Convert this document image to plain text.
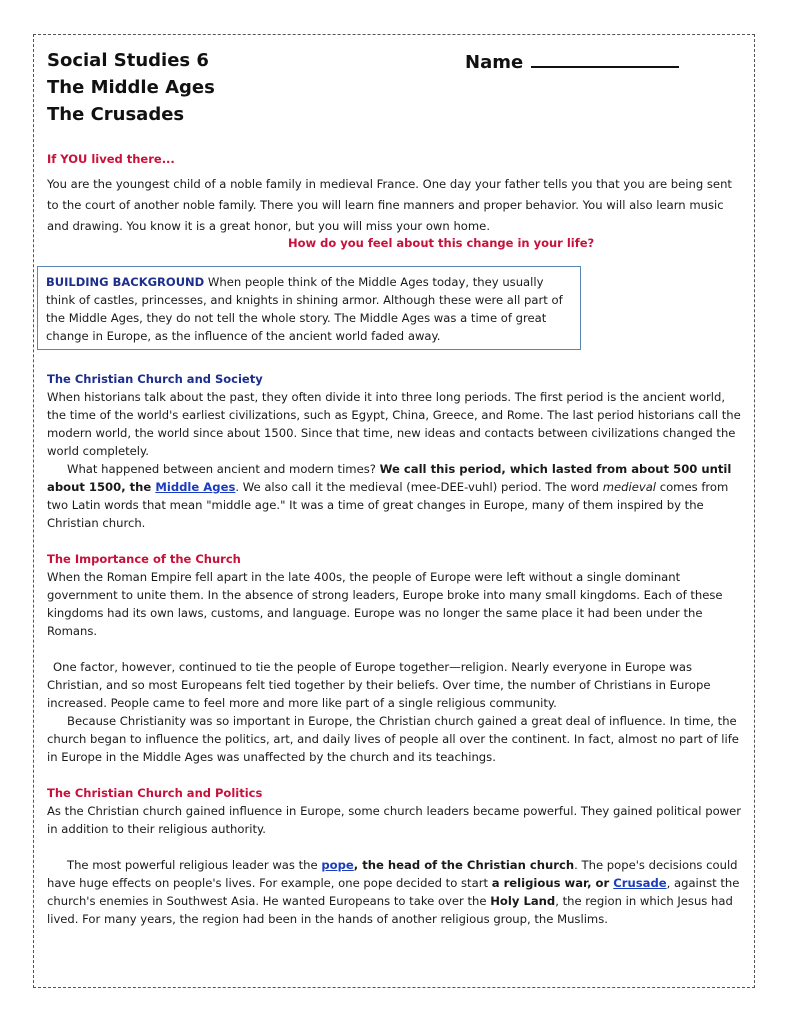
Social Studies 6	Name
The Middle Ages
The Crusades
If YOU lived there...

You are the youngest child of a noble family in medieval France. One day your father tells you that you are being sent to the court of another noble family. There you will learn fine manners and proper behavior. You will also learn music and drawing. You know it is a great honor, but you will miss your own home.

How do you feel about this change in your life?
BUILDING BACKGROUND When people think of the Middle Ages today, they usually think of castles, princesses, and knights in shining armor. Although these were all part of the Middle Ages, they do not tell the whole story. The Middle Ages was a time of great change in Europe, as the influence of the ancient world faded away.
The Christian Church and Society

When historians talk about the past, they often divide it into three long periods. The first period is the ancient world, the time of the world's earliest civilizations, such as Egypt, China, Greece, and Rome. The last period historians call the modern world, the world since about 1500. Since that time, new ideas and contacts between civilizations changed the world completely.

What happened between ancient and modern times? We call this period, which lasted from about 500 until about 1500, the Middle Ages. We also call it the medieval (mee-DEE-vuhl) period. The word medieval comes from two Latin words that mean "middle age." It was a time of great changes in Europe, many of them inspired by the Christian church.

The Importance of the Church

When the Roman Empire fell apart in the late 400s, the people of Europe were left without a single dominant government to unite them. In the absence of strong leaders, Europe broke into many small kingdoms. Each of these kingdoms had its own laws, customs, and language. Europe was no longer the same place it had been under the Romans.

One factor, however, continued to tie the people of Europe together—religion. Nearly everyone in Europe was Christian, and so most Europeans felt tied together by their beliefs. Over time, the number of Christians in Europe increased. People came to feel more and more like part of a single religious community.

Because Christianity was so important in Europe, the Christian church gained a great deal of influence. In time, the church began to influence the politics, art, and daily lives of people all over the continent. In fact, almost no part of life in Europe in the Middle Ages was unaffected by the church and its teachings.

The Christian Church and Politics

As the Christian church gained influence in Europe, some church leaders became powerful. They gained political power in addition to their religious authority.

The most powerful religious leader was the pope, the head of the Christian church. The pope's decisions could have huge effects on people's lives. For example, one pope decided to start a religious war, or Crusade, against the church's enemies in Southwest Asia. He wanted Europeans to take over the Holy Land, the region in which Jesus had lived. For many years, the region had been in the hands of another religious group, the Muslims.
